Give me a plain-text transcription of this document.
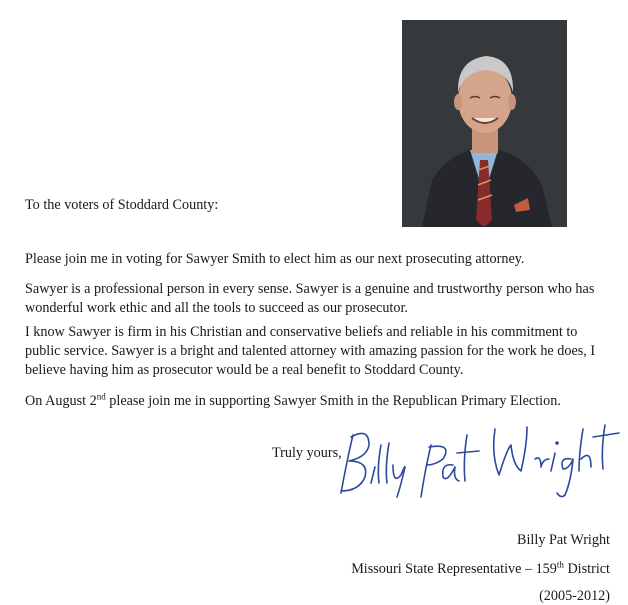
To the voters of Stoddard County:

Please join me in voting for Sawyer Smith to elect him as our next prosecuting attorney.

Sawyer is a professional person in every sense. Sawyer is a genuine and trustworthy person who has wonderful work ethic and all the tools to succeed as our prosecutor.

I know Sawyer is firm in his Christian and conservative beliefs and reliable in his commitment to public service. Sawyer is a bright and talented attorney with amazing passion for the work he does, I believe having him as prosecutor would be a real benefit to Stoddard County.

On August 2nd please join me in supporting Sawyer Smith in the Republican Primary Election.

Truly yours,
Billy Pat Wright
Missouri State Representative – 159th District
(2005-2012)
